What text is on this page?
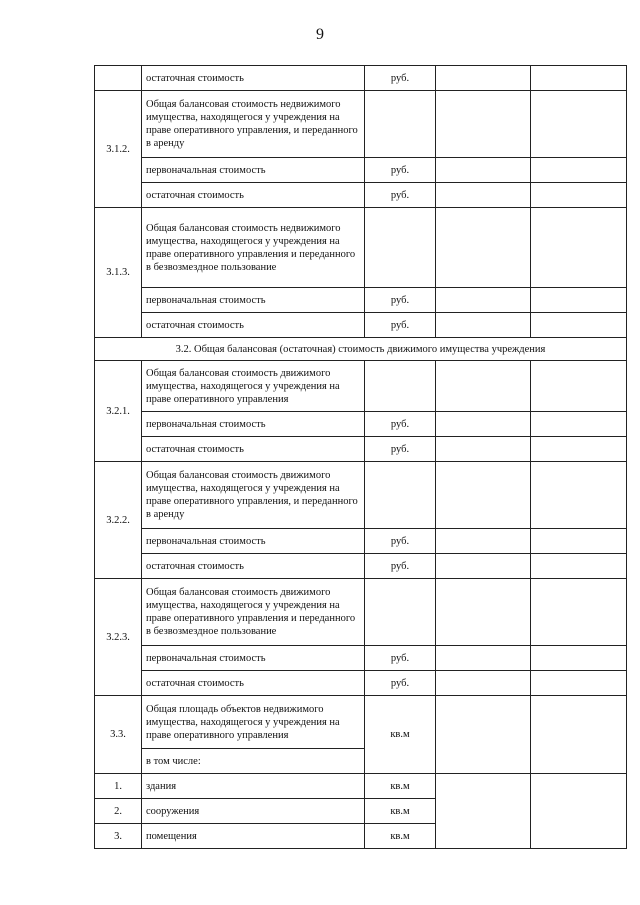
9
	остаточная стоимость	руб.		
3.1.2.	Общая балансовая стоимость недвижимого имущества, находящегося у учреждения на праве оперативного управления, и переданного в аренду			
	первоначальная стоимость	руб.		
	остаточная стоимость	руб.		
3.1.3.	Общая балансовая стоимость недвижимого имущества, находящегося у учреждения на праве оперативного управления и переданного в безвозмездное пользование			
	первоначальная стоимость	руб.		
	остаточная стоимость	руб.		
3.2. Общая балансовая (остаточная) стоимость движимого имущества учреждения				
3.2.1.	Общая балансовая стоимость движимого имущества, находящегося у учреждения на праве оперативного управления			
	первоначальная стоимость	руб.		
	остаточная стоимость	руб.		
3.2.2.	Общая балансовая стоимость движимого имущества, находящегося у учреждения на праве оперативного управления, и переданного в аренду			
	первоначальная стоимость	руб.		
	остаточная стоимость	руб.		
3.2.3.	Общая балансовая стоимость движимого имущества, находящегося у учреждения на праве оперативного управления и переданного в безвозмездное пользование			
	первоначальная стоимость	руб.		
	остаточная стоимость	руб.		
3.3.	Общая площадь объектов недвижимого имущества, находящегося у учреждения на праве оперативного управления	кв.м		
	в том числе:			
1.	здания	кв.м		
2.	сооружения	кв.м		
3.	помещения	кв.м		
